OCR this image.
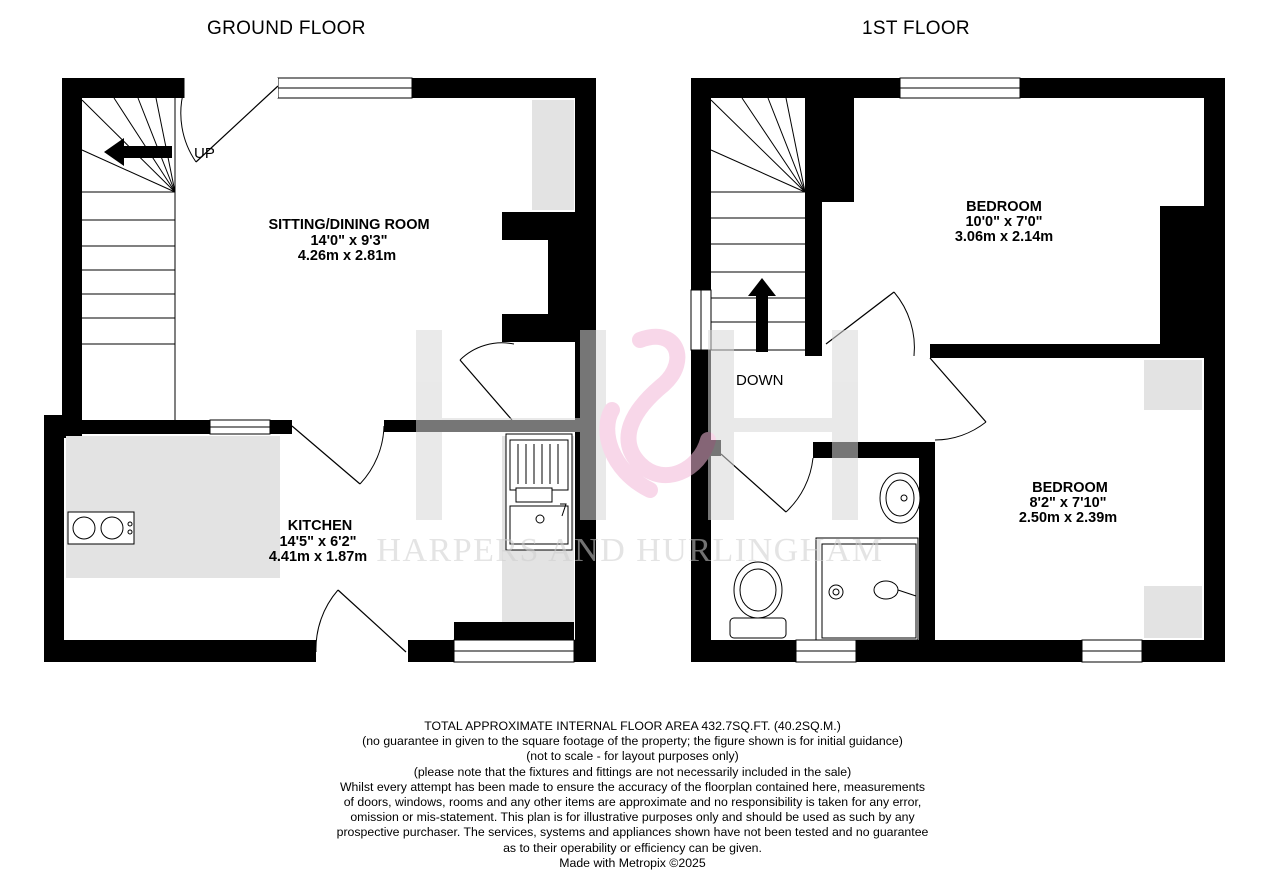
GROUND FLOOR	1ST FLOOR
UP
SITTING/DINING ROOM
14'0" x 9'3"
4.26m x 2.81m
KITCHEN
14'5" x 6'2"
4.41m x 1.87m
DOWN
BEDROOM
10'0" x 7'0"
3.06m x 2.14m
BEDROOM
8'2" x 7'10"
2.50m x 2.39m
HARPERS AND HURLINGHAM
TOTAL APPROXIMATE INTERNAL FLOOR AREA 432.7SQ.FT. (40.2SQ.M.)
(no guarantee in given to the square footage of the property; the figure shown is for initial guidance)
(not to scale - for layout purposes only)
(please note that the fixtures and fittings are not necessarily included in the sale)
Whilst every attempt has been made to ensure the accuracy of the floorplan contained here, measurements
of doors, windows, rooms and any other items are approximate and no responsibility is taken for any error,
omission or mis-statement. This plan is for illustrative purposes only and should be used as such by any
prospective purchaser. The services, systems and appliances shown have not been tested and no guarantee
as to their operability or efficiency can be given.
Made with Metropix ©2025
